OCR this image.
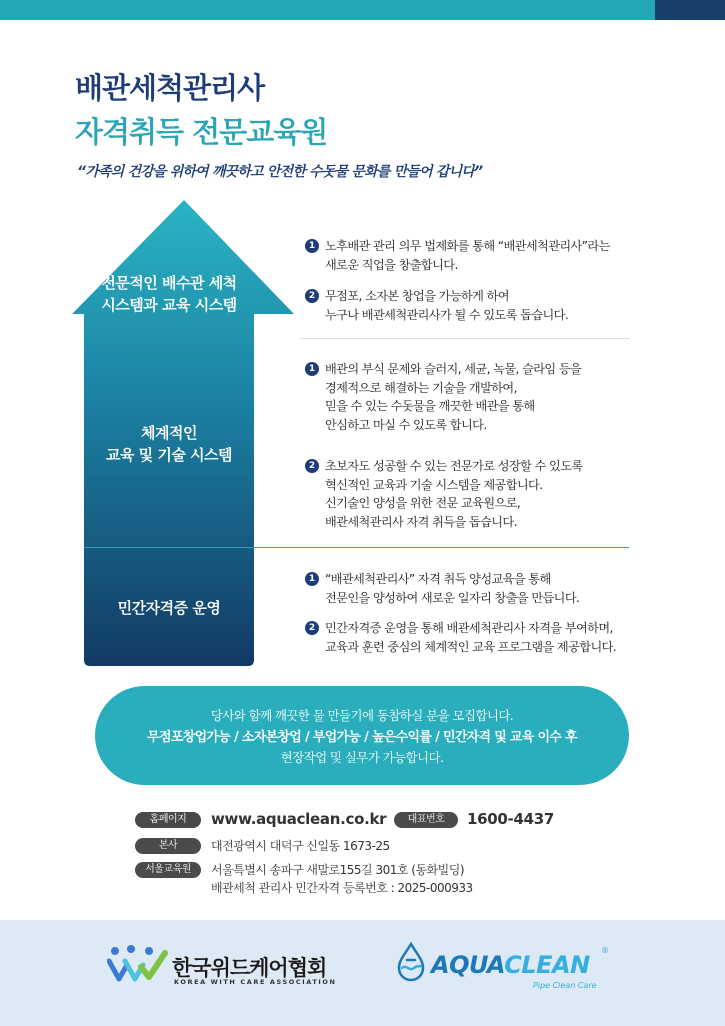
배관세척관리사
자격취득 전문교육원
“가족의 건강을 위하여 깨끗하고 안전한 수돗물 문화를 만들어 갑니다”
전문적인 배수관 세척
시스템과 교육 시스템
체계적인
교육 및 기술 시스템
민간자격증 운영
1 노후배관 관리 의무 법제화를 통해 “배관세척관리사”라는
새로운 직업을 창출합니다.
2 무점포, 소자본 창업을 가능하게 하여
누구나 배관세척관리사가 될 수 있도록 돕습니다.
1 배관의 부식 문제와 슬러지, 세균, 녹물, 슬라임 등을
경제적으로 해결하는 기술을 개발하여,
믿을 수 있는 수돗물을 깨끗한 배관을 통해
안심하고 마실 수 있도록 합니다.
2 초보자도 성공할 수 있는 전문가로 성장할 수 있도록
혁신적인 교육과 기술 시스템을 제공합니다.
신기술인 양성을 위한 전문 교육원으로,
배관세척관리사 자격 취득을 돕습니다.
1 “배관세척관리사” 자격 취득 양성교육을 통해
전문인을 양성하여 새로운 일자리 창출을 만듭니다.
2 민간자격증 운영을 통해 배관세척관리사 자격을 부여하며,
교육과 훈련 중심의 체계적인 교육 프로그램을 제공합니다.
당사와 함께 깨끗한 물 만들기에 동참하실 분을 모집합니다.
무점포창업가능 / 소자본창업 / 부업가능 / 높은수익률 / 민간자격 및 교육 이수 후
현장작업 및 실무가 가능합니다.
홈페이지	www.aquaclean.co.kr	대표번호	1600-4437
본사	대전광역시 대덕구 신일동 1673-25
서울교육원	서울특별시 송파구 새말로155길 301호 (동화빌딩)
배관세척 관리사 민간자격 등록번호 : 2025-000933
한국위드케어협회
KOREA WITH CARE ASSOCIATION
AQUACLEAN
®
Pipe Clean Care
